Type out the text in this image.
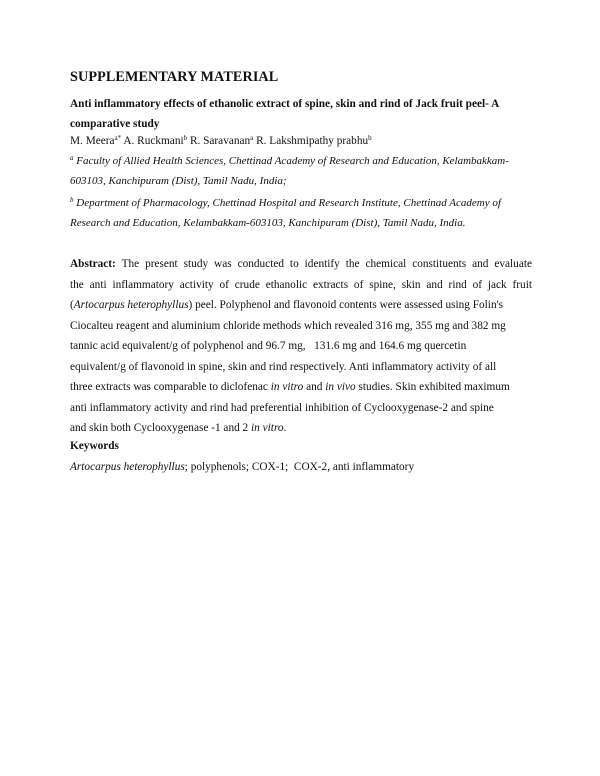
SUPPLEMENTARY MATERIAL
Anti inflammatory effects of ethanolic extract of spine, skin and rind of Jack fruit peel- A comparative study
M. Meera$^{a*}$ A. Ruckmani$^b$ R. Saravanan$^a$ R. Lakshmipathy prabhu$^b$
$^a$ Faculty of Allied Health Sciences, Chettinad Academy of Research and Education, Kelambakkam-603103, Kanchipuram (Dist), Tamil Nadu, India;
$^b$ Department of Pharmacology, Chettinad Hospital and Research Institute, Chettinad Academy of Research and Education, Kelambakkam-603103, Kanchipuram (Dist), Tamil Nadu, India.
Abstract: The present study was conducted to identify the chemical constituents and evaluate
the anti inflammatory activity of crude ethanolic extracts of spine, skin and rind of jack fruit
(Artocarpus heterophyllus) peel. Polyphenol and flavonoid contents were assessed using Folin's
Ciocalteu reagent and aluminium chloride methods which revealed 316 mg, 355 mg and 382 mg
tannic acid equivalent/g of polyphenol and 96.7 mg,   131.6 mg and 164.6 mg quercetin
equivalent/g of flavonoid in spine, skin and rind respectively. Anti inflammatory activity of all
three extracts was comparable to diclofenac in vitro and in vivo studies. Skin exhibited maximum
anti inflammatory activity and rind had preferential inhibition of Cyclooxygenase-2 and spine
and skin both Cyclooxygenase -1 and 2 in vitro.
Keywords
Artocarpus heterophyllus; polyphenols; COX-1;  COX-2, anti inflammatory
